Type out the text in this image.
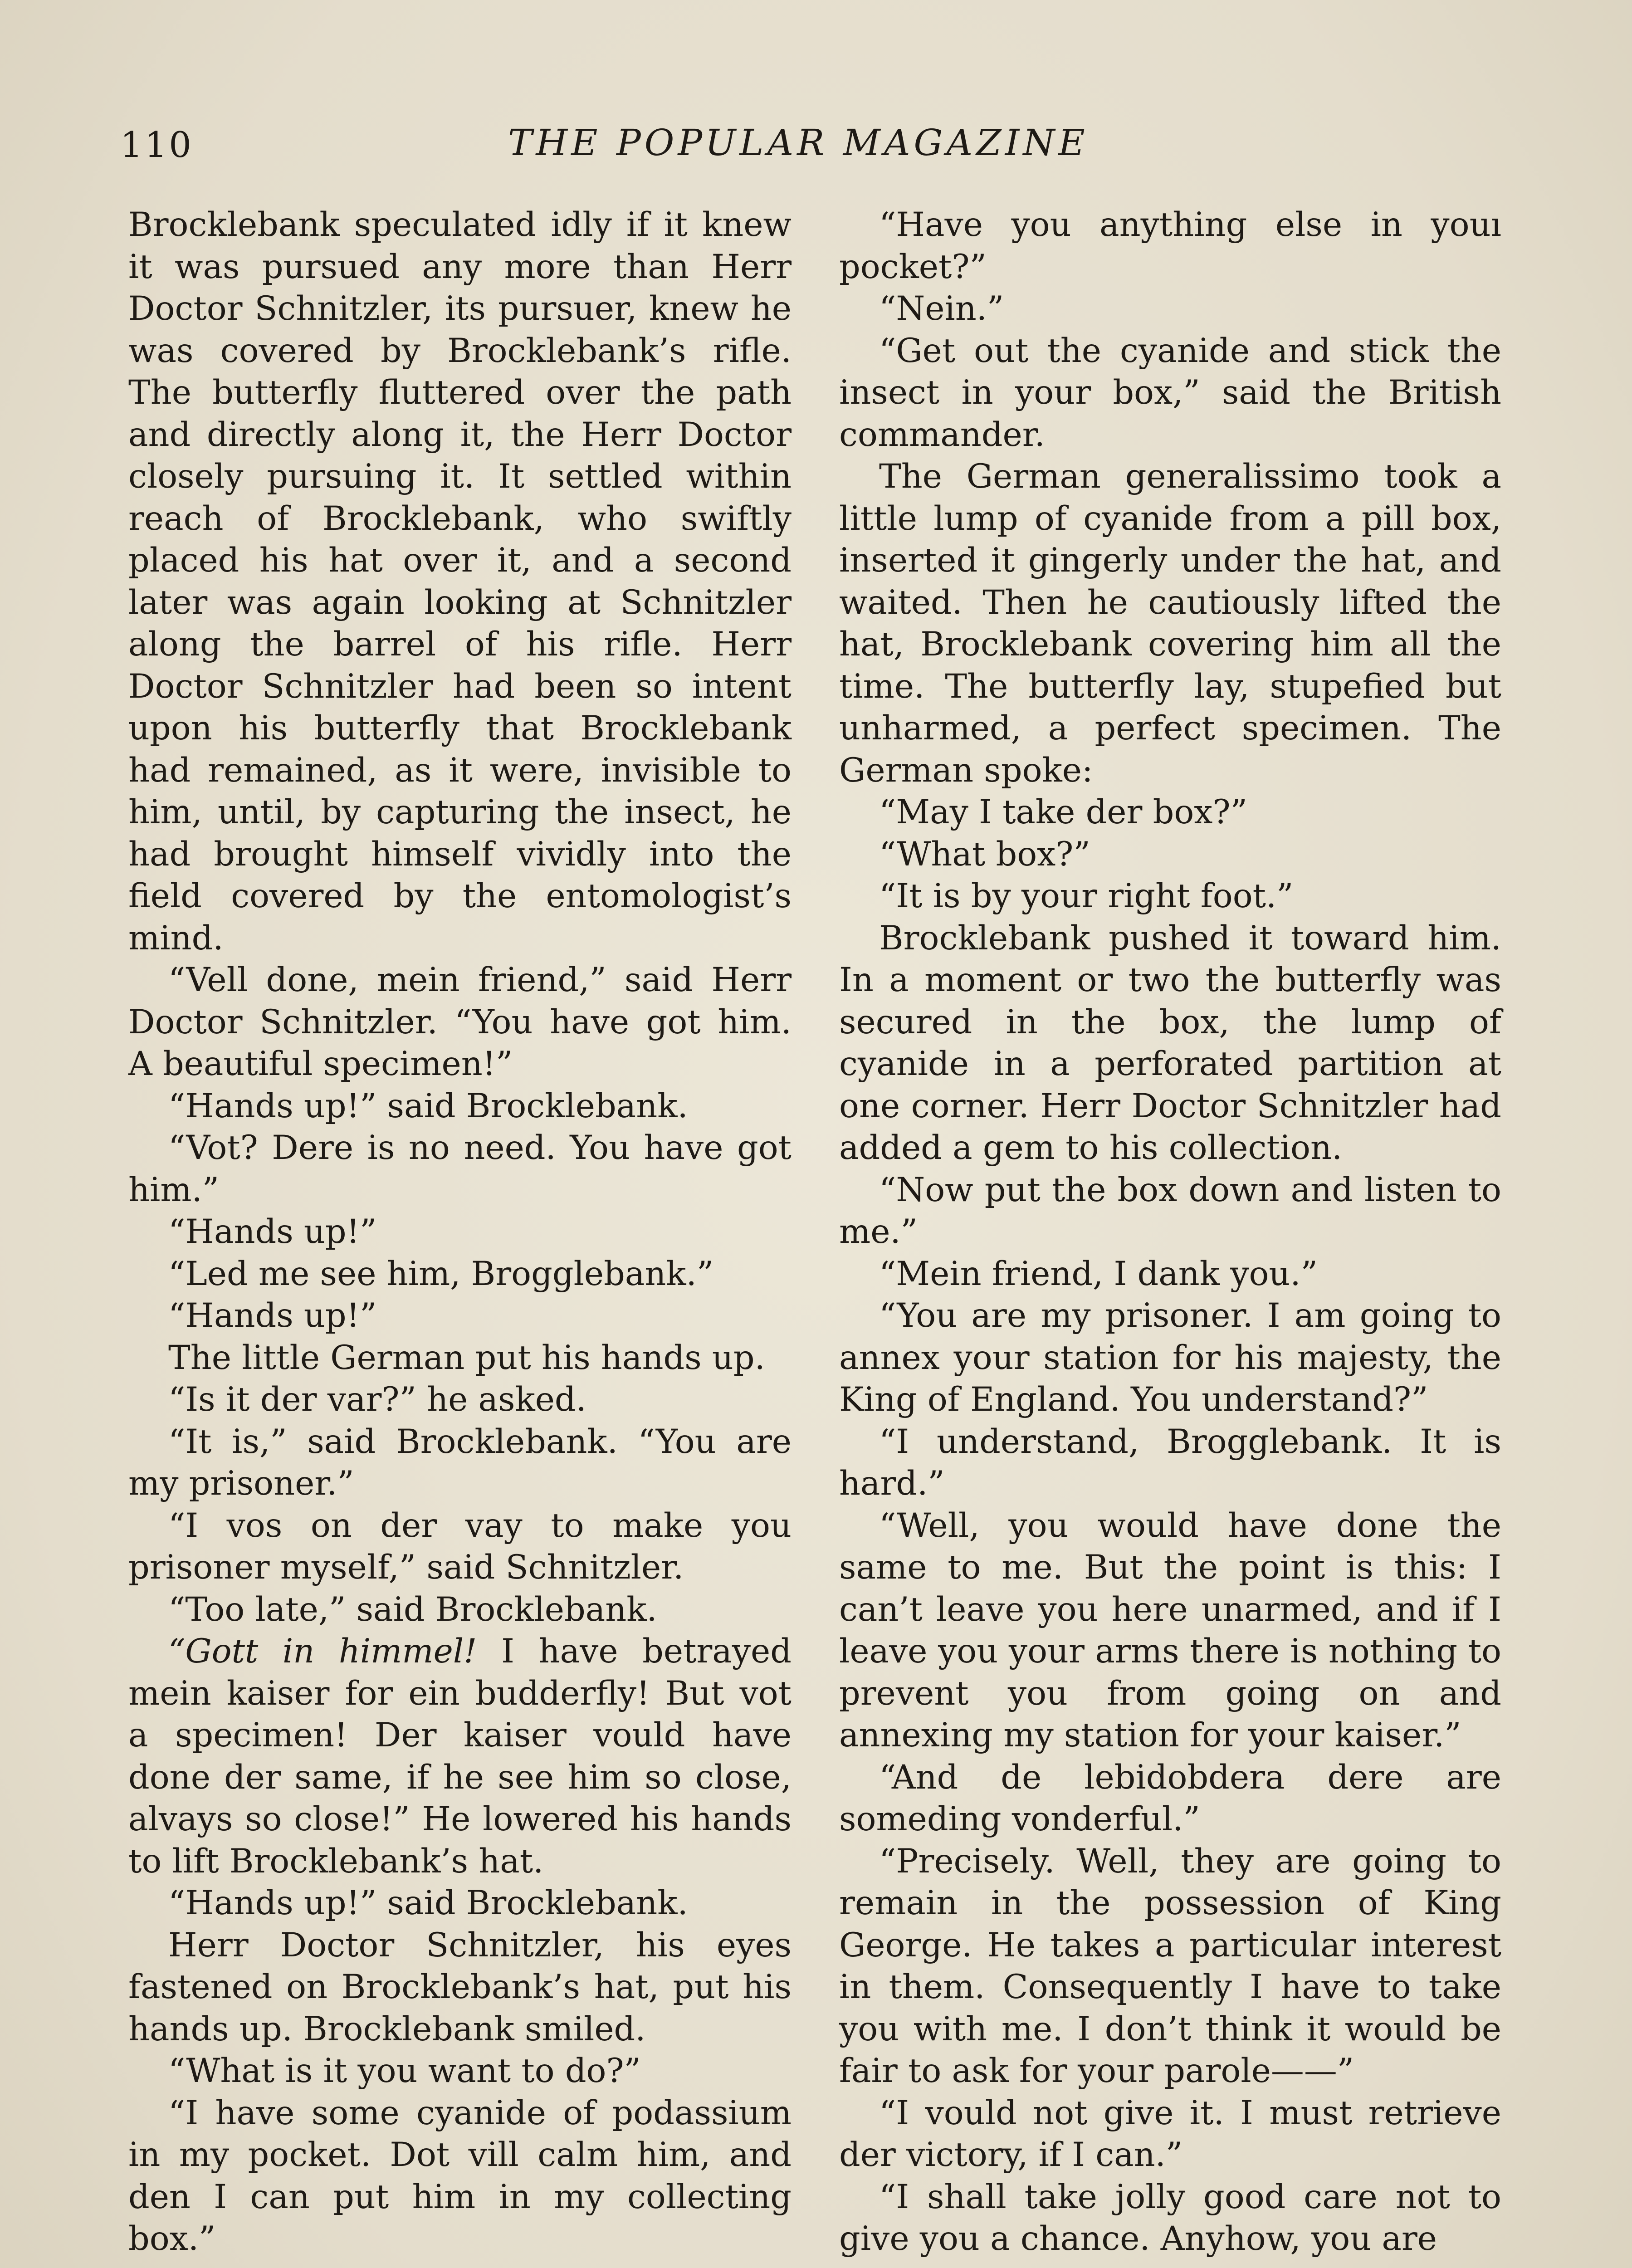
110	THE POPULAR MAGAZINE

Brocklebank speculated idly if it knew it was pursued any more than Herr Doctor Schnitzler, its pursuer, knew he was covered by Brocklebank’s rifle. The butterfly fluttered over the path and directly along it, the Herr Doctor closely pursuing it. It settled within reach of Brocklebank, who swiftly placed his hat over it, and a second later was again looking at Schnitzler along the barrel of his rifle. Herr Doctor Schnitzler had been so intent upon his butterfly that Brocklebank had remained, as it were, invisible to him, until, by capturing the insect, he had brought himself vividly into the field covered by the entomologist’s mind.

“Vell done, mein friend,” said Herr Doctor Schnitzler. “You have got him. A beautiful specimen!”

“Hands up!” said Brocklebank.

“Vot? Dere is no need. You have got him.”

“Hands up!”

“Led me see him, Brogglebank.”

“Hands up!”

The little German put his hands up.

“Is it der var?” he asked.

“It is,” said Brocklebank. “You are my prisoner.”

“I vos on der vay to make you prisoner myself,” said Schnitzler.

“Too late,” said Brocklebank.

“Gott in himmel! I have betrayed mein kaiser for ein budderfly! But vot a specimen! Der kaiser vould have done der same, if he see him so close, alvays so close!” He lowered his hands to lift Brocklebank’s hat.

“Hands up!” said Brocklebank.

Herr Doctor Schnitzler, his eyes fastened on Brocklebank’s hat, put his hands up. Brocklebank smiled.

“What is it you want to do?”

“I have some cyanide of podassium in my pocket. Dot vill calm him, and den I can put him in my collecting box.”

“Have you anything else in youı pocket?”

“Nein.”

“Get out the cyanide and stick the insect in your box,” said the British commander.

The German generalissimo took a little lump of cyanide from a pill box, inserted it gingerly under the hat, and waited. Then he cautiously lifted the hat, Brocklebank covering him all the time. The butterfly lay, stupefied but unharmed, a perfect specimen. The German spoke:

“May I take der box?”

“What box?”

“It is by your right foot.”

Brocklebank pushed it toward him. In a moment or two the butterfly was secured in the box, the lump of cyanide in a perforated partition at one corner. Herr Doctor Schnitzler had added a gem to his collection.

“Now put the box down and listen to me.”

“Mein friend, I dank you.”

“You are my prisoner. I am going to annex your station for his majesty, the King of England. You understand?”

“I understand, Brogglebank. It is hard.”

“Well, you would have done the same to me. But the point is this: I can’t leave you here unarmed, and if I leave you your arms there is nothing to prevent you from going on and annexing my station for your kaiser.”

“And de lebidobdera dere are someding vonderful.”

“Precisely. Well, they are going to remain in the possession of King George. He takes a particular interest in them. Consequently I have to take you with me. I don’t think it would be fair to ask for your parole——”

“I vould not give it. I must retrieve der victory, if I can.”

“I shall take jolly good care not to give you a chance. Anyhow, you are
